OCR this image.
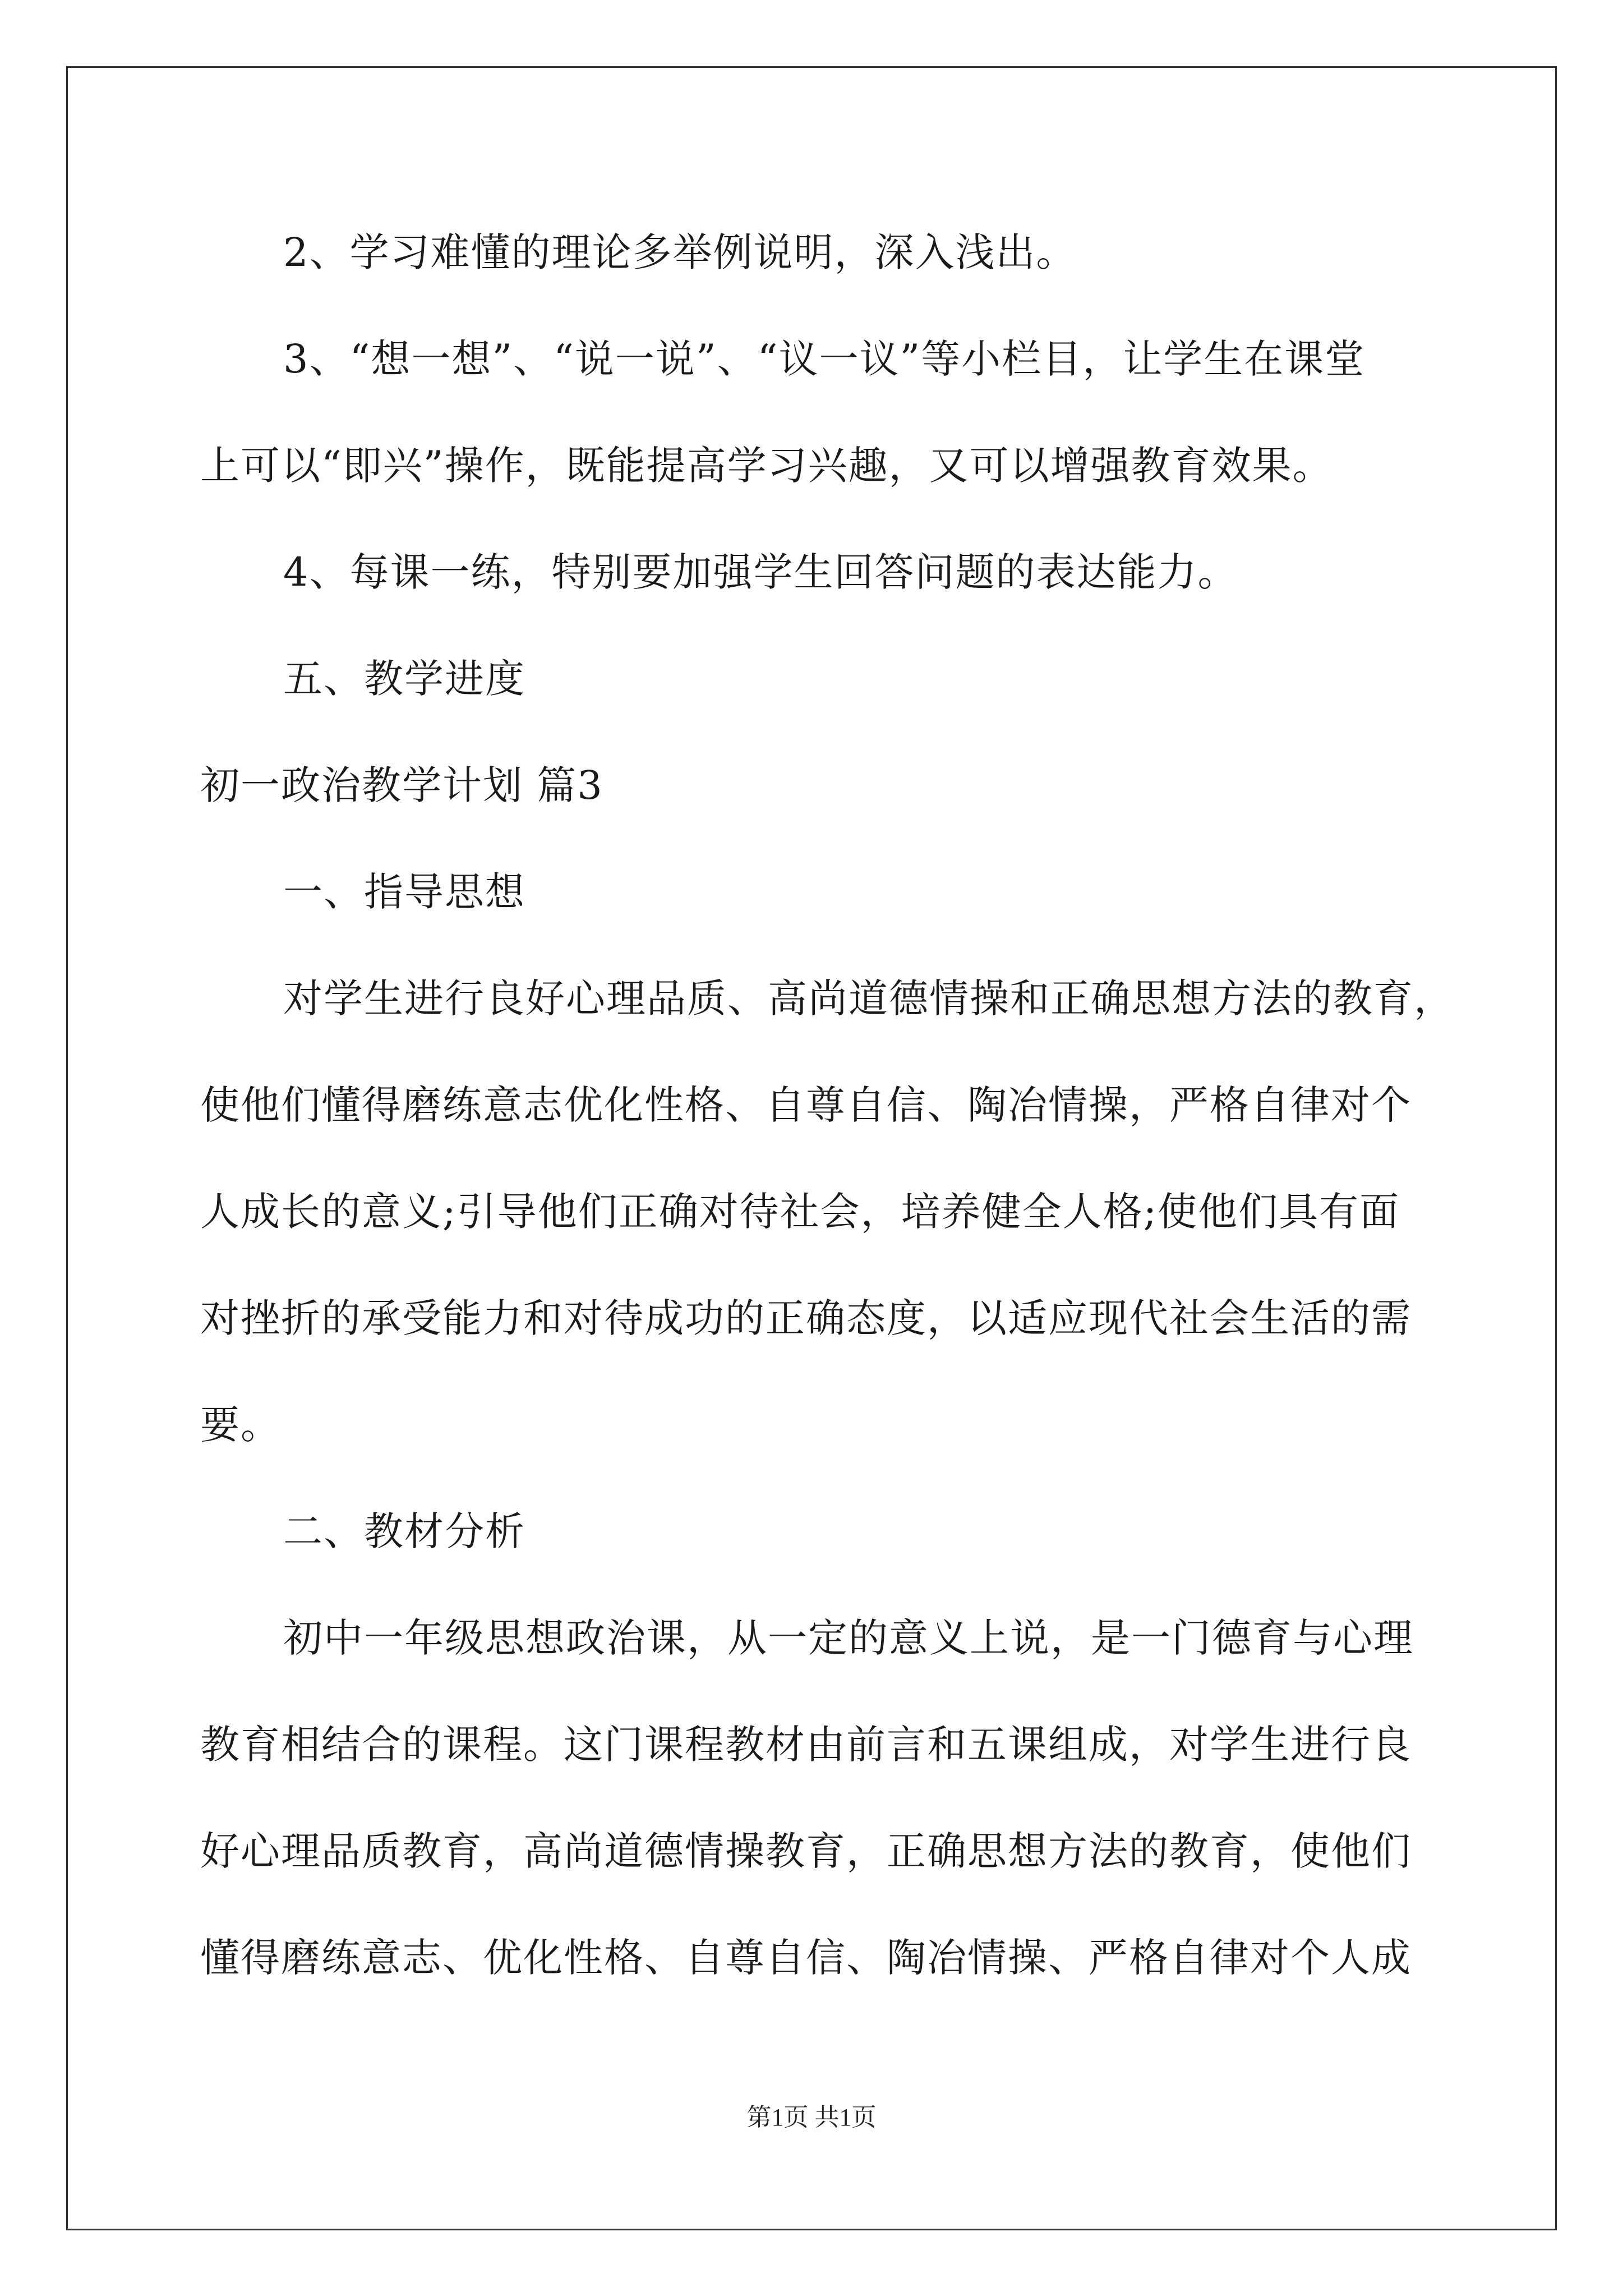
2、学习难懂的理论多举例说明，深入浅出。
3、“想一想”、“说一说”、“议一议”等小栏目，让学生在课堂
上可以“即兴”操作，既能提高学习兴趣，又可以增强教育效果。
4、每课一练，特别要加强学生回答问题的表达能力。
五、教学进度
初一政治教学计划 篇3
一、指导思想
对学生进行良好心理品质、高尚道德情操和正确思想方法的教育，
使他们懂得磨练意志优化性格、自尊自信、陶冶情操，严格自律对个
人成长的意义;引导他们正确对待社会，培养健全人格;使他们具有面
对挫折的承受能力和对待成功的正确态度，以适应现代社会生活的需
要。
二、教材分析
初中一年级思想政治课，从一定的意义上说，是一门德育与心理
教育相结合的课程。这门课程教材由前言和五课组成，对学生进行良
好心理品质教育，高尚道德情操教育，正确思想方法的教育，使他们
懂得磨练意志、优化性格、自尊自信、陶冶情操、严格自律对个人成
第1页 共1页
